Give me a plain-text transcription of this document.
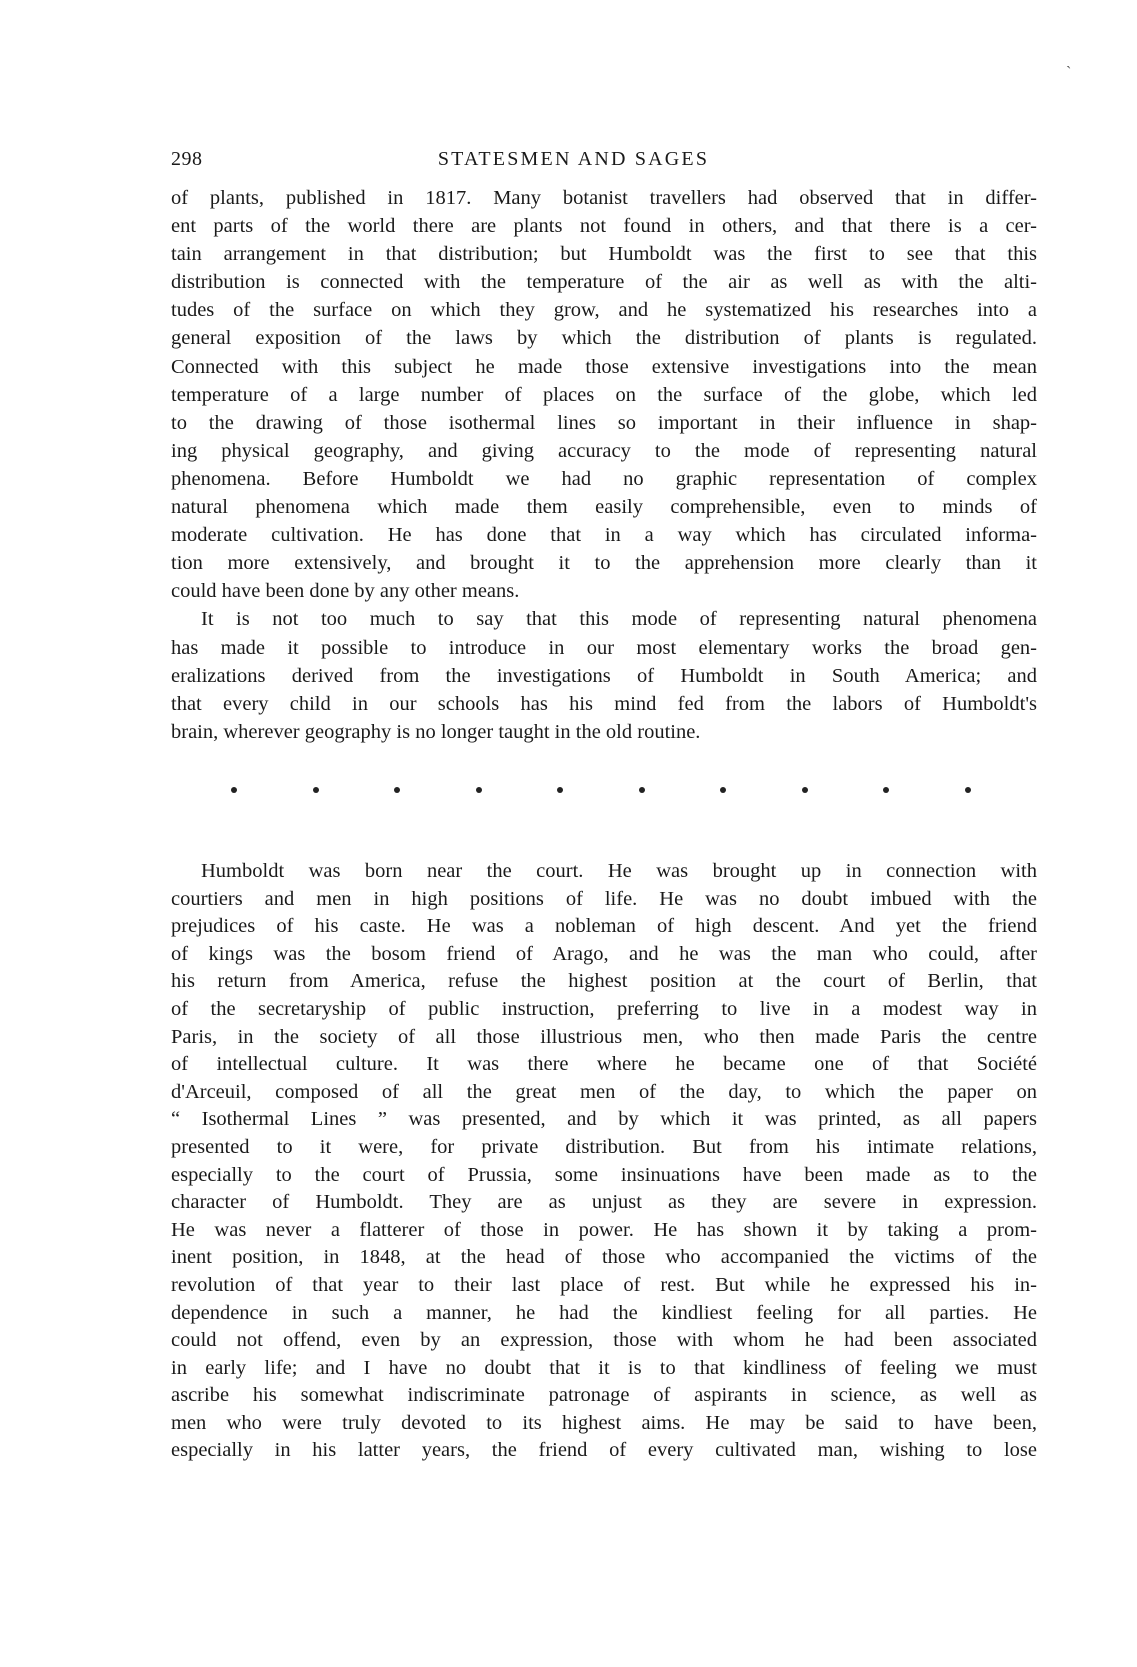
ˎ
298	STATESMEN AND SAGES
of plants, published in 1817. Many botanist travellers had observed that in differ-
ent parts of the world there are plants not found in others, and that there is a cer-
tain arrangement in that distribution; but Humboldt was the first to see that this
distribution is connected with the temperature of the air as well as with the alti-
tudes of the surface on which they grow, and he systematized his researches into a
general exposition of the laws by which the distribution of plants is regulated.
Connected with this subject he made those extensive investigations into the mean
temperature of a large number of places on the surface of the globe, which led
to the drawing of those isothermal lines so important in their influence in shap-
ing physical geography, and giving accuracy to the mode of representing natural
phenomena. Before Humboldt we had no graphic representation of complex
natural phenomena which made them easily comprehensible, even to minds of
moderate cultivation. He has done that in a way which has circulated informa-
tion more extensively, and brought it to the apprehension more clearly than it
could have been done by any other means.
It is not too much to say that this mode of representing natural phenomena
has made it possible to introduce in our most elementary works the broad gen-
eralizations derived from the investigations of Humboldt in South America; and
that every child in our schools has his mind fed from the labors of Humboldt's
brain, wherever geography is no longer taught in the old routine.
Humboldt was born near the court. He was brought up in connection with
courtiers and men in high positions of life. He was no doubt imbued with the
prejudices of his caste. He was a nobleman of high descent. And yet the friend
of kings was the bosom friend of Arago, and he was the man who could, after
his return from America, refuse the highest position at the court of Berlin, that
of the secretaryship of public instruction, preferring to live in a modest way in
Paris, in the society of all those illustrious men, who then made Paris the centre
of intellectual culture. It was there where he became one of that Société
d'Arceuil, composed of all the great men of the day, to which the paper on
“ Isothermal Lines ” was presented, and by which it was printed, as all papers
presented to it were, for private distribution. But from his intimate relations,
especially to the court of Prussia, some insinuations have been made as to the
character of Humboldt. They are as unjust as they are severe in expression.
He was never a flatterer of those in power. He has shown it by taking a prom-
inent position, in 1848, at the head of those who accompanied the victims of the
revolution of that year to their last place of rest. But while he expressed his in-
dependence in such a manner, he had the kindliest feeling for all parties. He
could not offend, even by an expression, those with whom he had been associated
in early life; and I have no doubt that it is to that kindliness of feeling we must
ascribe his somewhat indiscriminate patronage of aspirants in science, as well as
men who were truly devoted to its highest aims. He may be said to have been,
especially in his latter years, the friend of every cultivated man, wishing to lose
